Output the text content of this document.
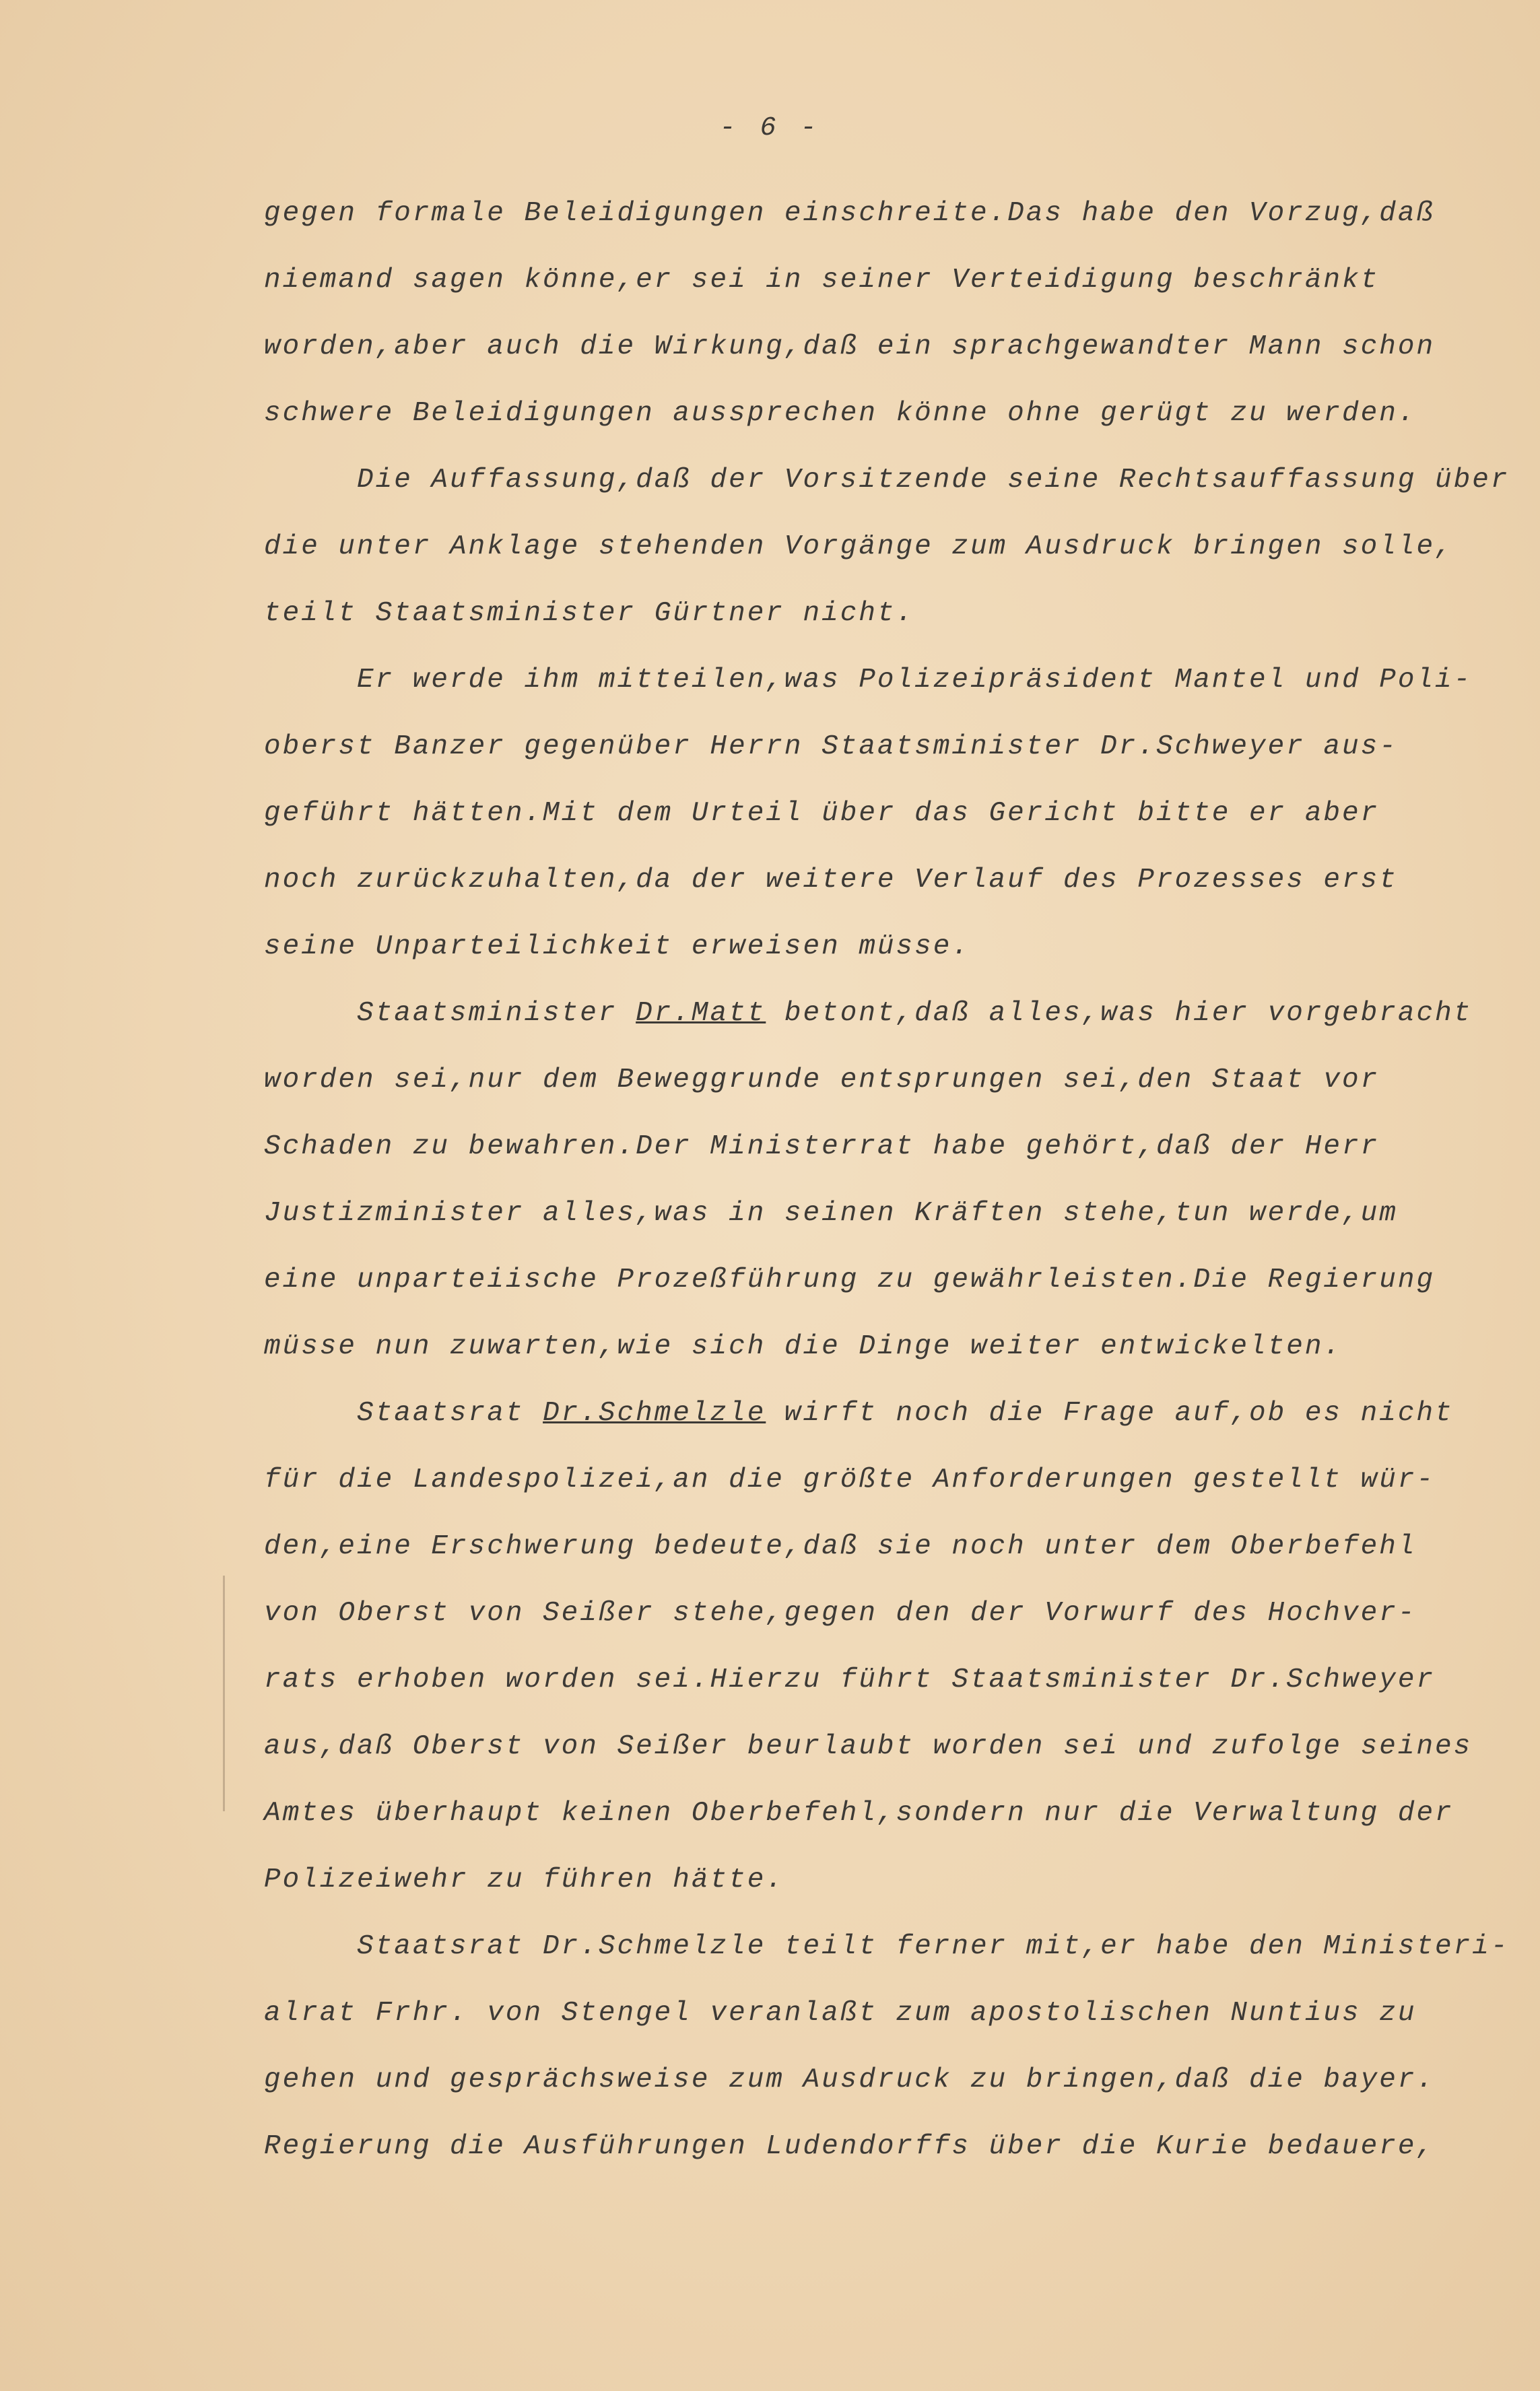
- 6 -
gegen formale Beleidigungen einschreite.Das habe den Vorzug,daß
niemand sagen könne,er sei in seiner Verteidigung beschränkt
worden,aber auch die Wirkung,daß ein sprachgewandter Mann schon
schwere Beleidigungen aussprechen könne ohne gerügt zu werden.
Die Auffassung,daß der Vorsitzende seine Rechtsauffassung über
die unter Anklage stehenden Vorgänge zum Ausdruck bringen solle,
teilt Staatsminister Gürtner nicht.
Er werde ihm mitteilen,was Polizeipräsident Mantel und Poli-
oberst Banzer gegenüber Herrn Staatsminister Dr.Schweyer aus-
geführt hätten.Mit dem Urteil über das Gericht bitte er aber
noch zurückzuhalten,da der weitere Verlauf des Prozesses erst
seine Unparteilichkeit erweisen müsse.
Staatsminister Dr.Matt betont,daß alles,was hier vorgebracht
worden sei,nur dem Beweggrunde entsprungen sei,den Staat vor
Schaden zu bewahren.Der Ministerrat habe gehört,daß der Herr
Justizminister alles,was in seinen Kräften stehe,tun werde,um
eine unparteiische Prozeßführung zu gewährleisten.Die Regierung
müsse nun zuwarten,wie sich die Dinge weiter entwickelten.
Staatsrat Dr.Schmelzle wirft noch die Frage auf,ob es nicht
für die Landespolizei,an die größte Anforderungen gestellt wür-
den,eine Erschwerung bedeute,daß sie noch unter dem Oberbefehl
von Oberst von Seißer stehe,gegen den der Vorwurf des Hochver-
rats erhoben worden sei.Hierzu führt Staatsminister Dr.Schweyer
aus,daß Oberst von Seißer beurlaubt worden sei und zufolge seines
Amtes überhaupt keinen Oberbefehl,sondern nur die Verwaltung der
Polizeiwehr zu führen hätte.
Staatsrat Dr.Schmelzle teilt ferner mit,er habe den Ministeri-
alrat Frhr. von Stengel veranlaßt zum apostolischen Nuntius zu
gehen und gesprächsweise zum Ausdruck zu bringen,daß die bayer.
Regierung die Ausführungen Ludendorffs über die Kurie bedauere,
